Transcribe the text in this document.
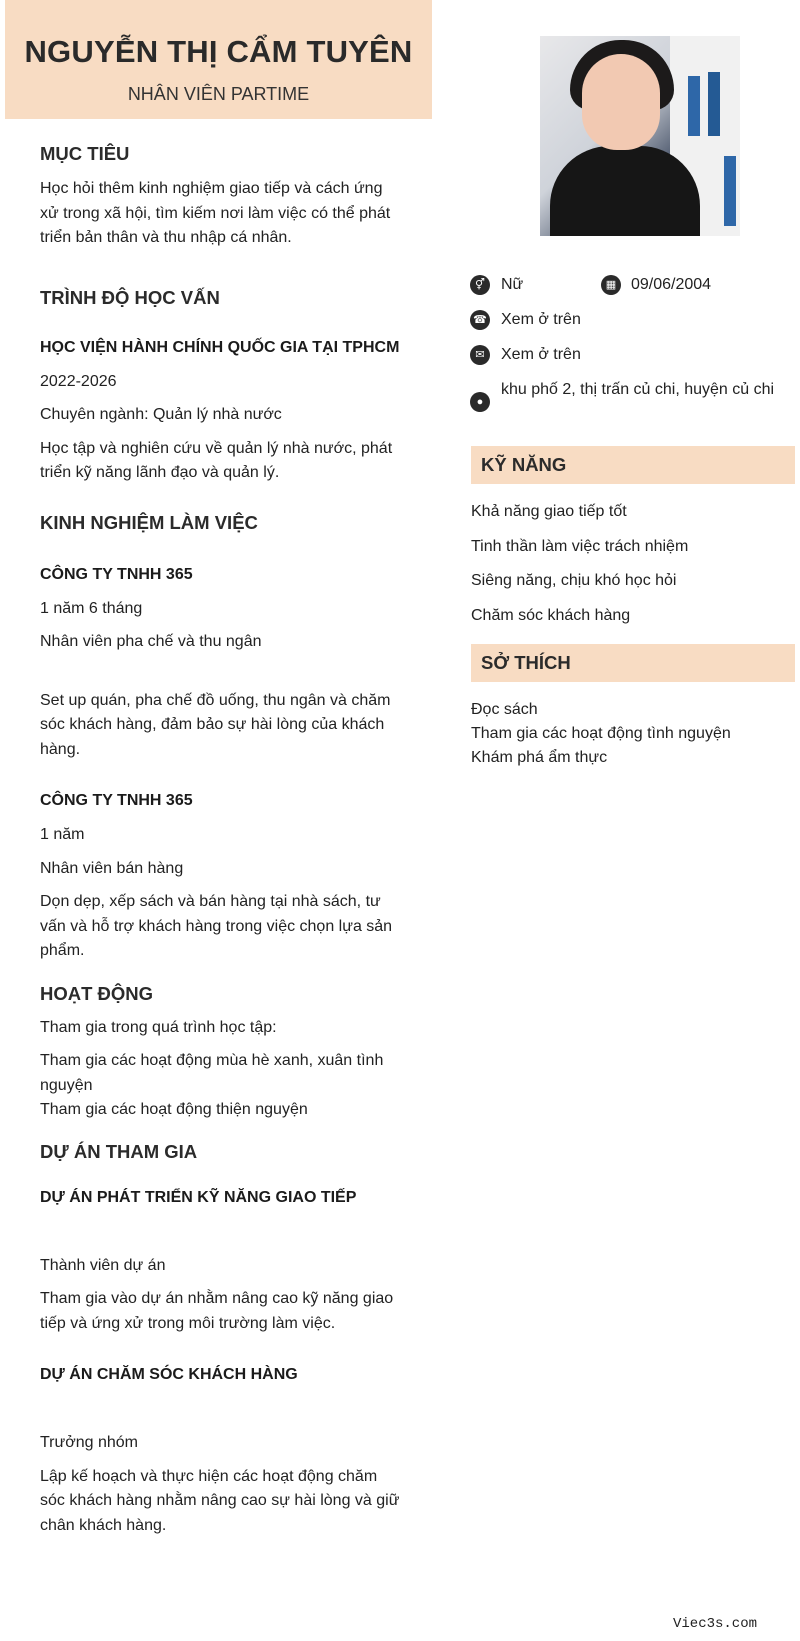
NGUYỄN THỊ CẨM TUYÊN
NHÂN VIÊN PARTIME
MỤC TIÊU
Học hỏi thêm kinh nghiệm giao tiếp và cách ứng xử trong xã hội, tìm kiếm nơi làm việc có thể phát triển bản thân và thu nhập cá nhân.
TRÌNH ĐỘ HỌC VẤN
HỌC VIỆN HÀNH CHÍNH QUỐC GIA TẠI TPHCM
2022-2026
Chuyên ngành: Quản lý nhà nước
Học tập và nghiên cứu về quản lý nhà nước, phát triển kỹ năng lãnh đạo và quản lý.
KINH NGHIỆM LÀM VIỆC
CÔNG TY TNHH 365
1 năm 6 tháng
Nhân viên pha chế và thu ngân
Set up quán, pha chế đồ uống, thu ngân và chăm sóc khách hàng, đảm bảo sự hài lòng của khách hàng.
CÔNG TY TNHH 365
1 năm
Nhân viên bán hàng
Dọn dẹp, xếp sách và bán hàng tại nhà sách, tư vấn và hỗ trợ khách hàng trong việc chọn lựa sản phẩm.
HOẠT ĐỘNG
Tham gia trong quá trình học tập:
Tham gia các hoạt động mùa hè xanh, xuân tình nguyện
Tham gia các hoạt động thiện nguyện
DỰ ÁN THAM GIA
DỰ ÁN PHÁT TRIỂN KỸ NĂNG GIAO TIẾP
Thành viên dự án
Tham gia vào dự án nhằm nâng cao kỹ năng giao tiếp và ứng xử trong môi trường làm việc.
DỰ ÁN CHĂM SÓC KHÁCH HÀNG
Trưởng nhóm
Lập kế hoạch và thực hiện các hoạt động chăm sóc khách hàng nhằm nâng cao sự hài lòng và giữ chân khách hàng.
⚥	Nữ	▦ 09/06/2004
☎ Xem ở trên
✉	Xem ở trên
●
khu phố 2, thị trấn củ chi, huyện củ chi
KỸ NĂNG
Khả năng giao tiếp tốt
Tinh thần làm việc trách nhiệm
Siêng năng, chịu khó học hỏi
Chăm sóc khách hàng
SỞ THÍCH
Đọc sách
Tham gia các hoạt động tình nguyện
Khám phá ẩm thực
Viec3s.com
